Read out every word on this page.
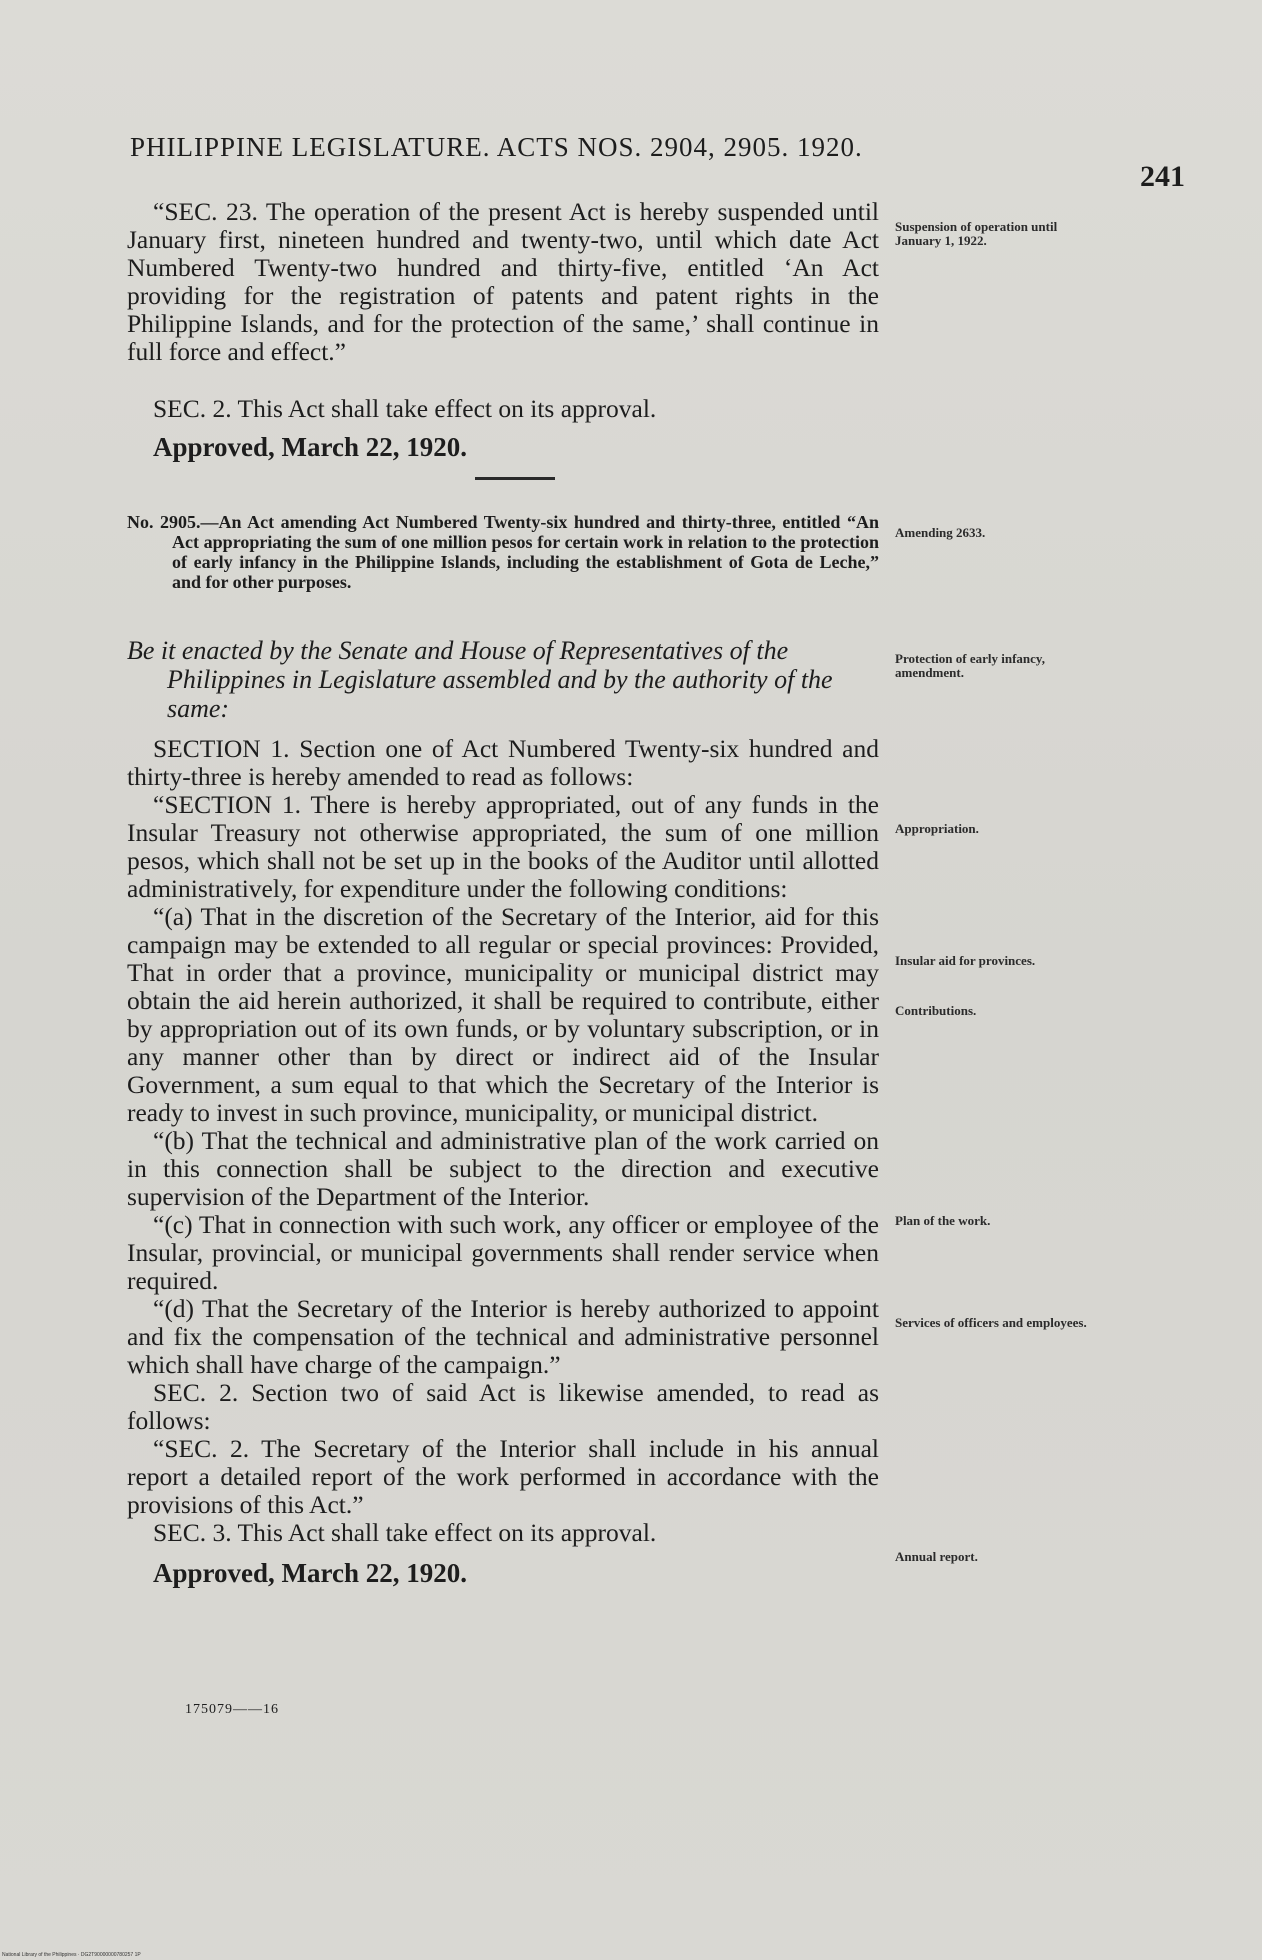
PHILIPPINE LEGISLATURE. ACTS NOS. 2904, 2905. 1920.
241

“SEC. 23. The operation of the present Act is hereby suspended until January first, nineteen hundred and twenty-two, until which date Act Numbered Twenty-two hundred and thirty-five, entitled ‘An Act providing for the registration of patents and patent rights in the Philippine Islands, and for the protection of the same,’ shall continue in full force and effect.”

SEC. 2. This Act shall take effect on its approval.

Approved, March 22, 1920.

No. 2905.—An Act amending Act Numbered Twenty-six hundred and thirty-three, entitled “An Act appropriating the sum of one million pesos for certain work in relation to the protection of early infancy in the Philippine Islands, including the establishment of Gota de Leche,” and for other purposes.

Be it enacted by the Senate and House of Representatives of the Philippines in Legislature assembled and by the authority of the same:

SECTION 1. Section one of Act Numbered Twenty-six hundred and thirty-three is hereby amended to read as follows:

“SECTION 1. There is hereby appropriated, out of any funds in the Insular Treasury not otherwise appropriated, the sum of one million pesos, which shall not be set up in the books of the Auditor until allotted administratively, for expenditure under the following conditions:

“(a) That in the discretion of the Secretary of the Interior, aid for this campaign may be extended to all regular or special provinces: Provided, That in order that a province, municipality or municipal district may obtain the aid herein authorized, it shall be required to contribute, either by appropriation out of its own funds, or by voluntary subscription, or in any manner other than by direct or indirect aid of the Insular Government, a sum equal to that which the Secretary of the Interior is ready to invest in such province, municipality, or municipal district.

“(b) That the technical and administrative plan of the work carried on in this connection shall be subject to the direction and executive supervision of the Department of the Interior.

“(c) That in connection with such work, any officer or employee of the Insular, provincial, or municipal governments shall render service when required.

“(d) That the Secretary of the Interior is hereby authorized to appoint and fix the compensation of the technical and administrative personnel which shall have charge of the campaign.”

SEC. 2. Section two of said Act is likewise amended, to read as follows:

“SEC. 2. The Secretary of the Interior shall include in his annual report a detailed report of the work performed in accordance with the provisions of this Act.”

SEC. 3. This Act shall take effect on its approval.

Approved, March 22, 1920.

Suspension of operation until January 1, 1922.
Amending 2633.
Protection of early infancy, amendment.
Appropriation.
Insular aid for provinces.
Contributions.
Plan of the work.
Services of officers and employees.
Annual report.
175079——16
National Library of the Philippines · DG2T90000000780257 1P
